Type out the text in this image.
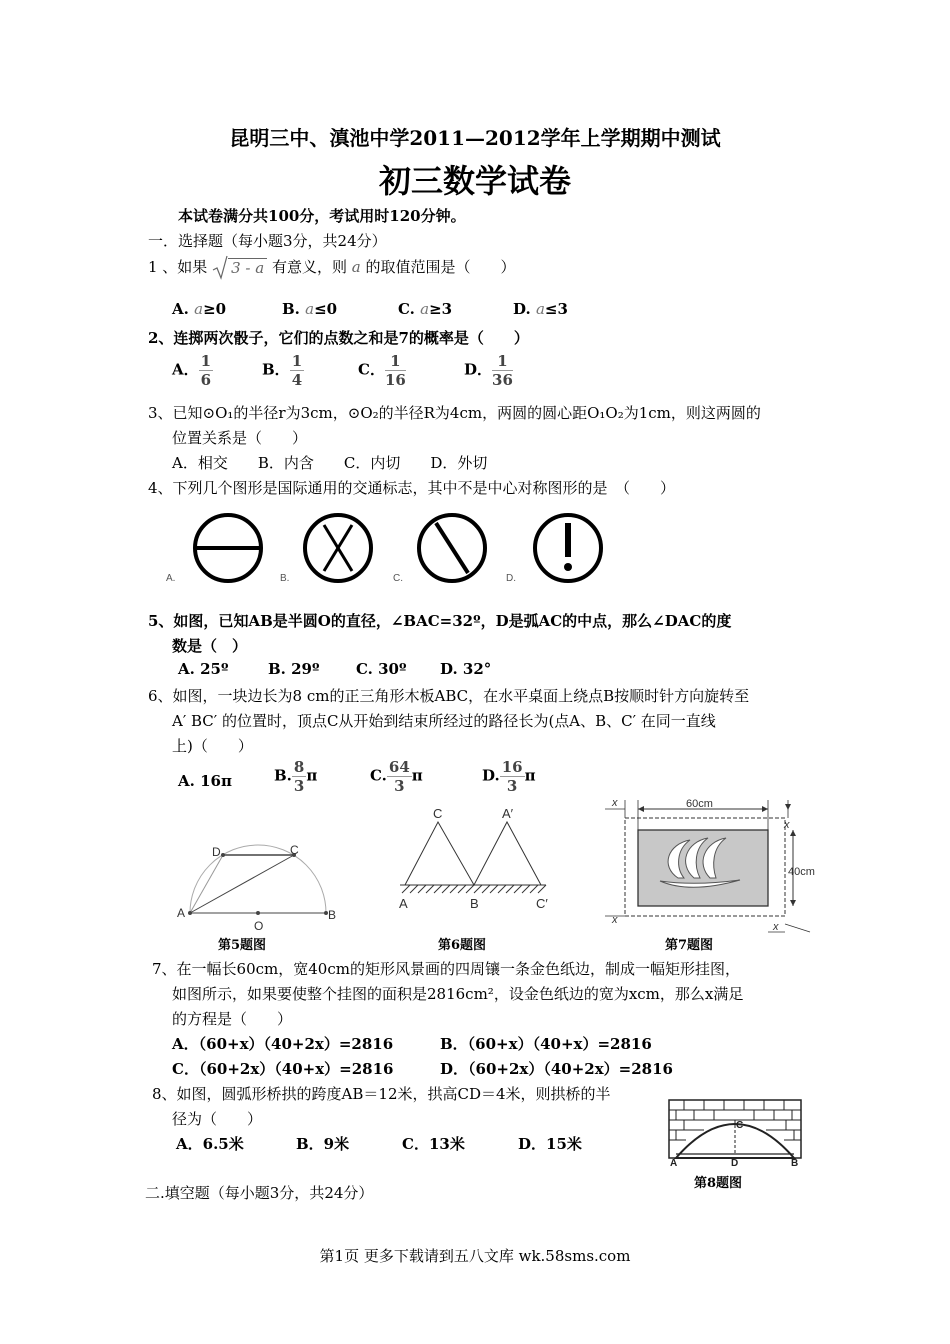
昆明三中、滇池中学2011—2012学年上学期期中测试
初三数学试卷
本试卷满分共100分，考试用时120分钟。
一．选择题（每小题3分，共24分）
1 、如果 3 - a 有意义，则 a 的取值范围是（　　）
A. a≥0	B. a≤0	C. a≥3	D. a≤3
2、连掷两次骰子，它们的点数之和是7的概率是（　　）
A． $\frac{1}{6}$	B． $\frac{1}{4}$	C． $\frac{1}{16}$	D． $\frac{1}{36}$
3、已知⊙O₁的半径r为3cm，⊙O₂的半径R为4cm，两圆的圆心距O₁O₂为1cm，则这两圆的
位置关系是（　　）
A．相交　　B．内含　　C．内切　　D．外切
4、下列几个图形是国际通用的交通标志，其中不是中心对称图形的是　（　　）
A.	B.	C.	D.
5、如图，已知AB是半圆O的直径，∠BAC=32º，D是弧AC的中点，那么∠DAC的度
数是（　）
A. 25º	B. 29º C. 30º D. 32°
6、如图，一块边长为8 cm的正三角形木板ABC，在水平桌面上绕点B按顺时针方向旋转至
A′ BC′ 的位置时，顶点C从开始到结束所经过的路径长为(点A、B、C′ 在同一直线
上)（　　）
A. 16π	B. $\frac{8}{3}$ π	C. $\frac{64}{3}$ π	D. $\frac{16}{3}$ π
D	C
A
O
B
第5题图
C	A′
A	B	C′
第6题图
60cm
40cm
x
x
x
x
第7题图
7、在一幅长60cm，宽40cm的矩形风景画的四周镶一条金色纸边，制成一幅矩形挂图，
如图所示，如果要使整个挂图的面积是2816cm²，设金色纸边的宽为xcm，那么x满足
的方程是（　　）
A．（60+x）（40+2x）=2816	B．（60+x）（40+x）=2816
C．（60+2x）（40+x）=2816	D．（60+2x）（40+2x）=2816
8、如图，圆弧形桥拱的跨度AB＝12米，拱高CD＝4米，则拱桥的半
径为（　　）
A．6.5米	B．9米	C．13米	D．15米
C
A	D	B
第8题图
二.填空题（每小题3分，共24分）
第1页 更多下载请到五八文库 wk.58sms.com
